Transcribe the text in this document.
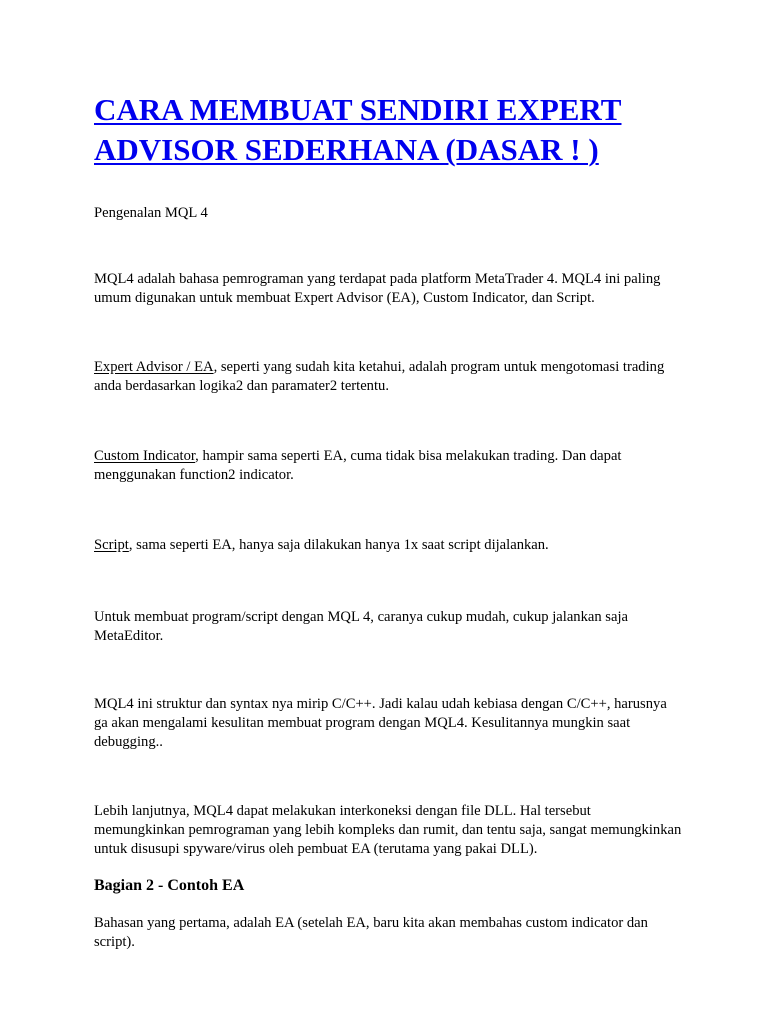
CARA MEMBUAT SENDIRI EXPERT ADVISOR SEDERHANA (DASAR ! )

Pengenalan MQL 4

MQL4 adalah bahasa pemrograman yang terdapat pada platform MetaTrader 4. MQL4 ini paling umum digunakan untuk membuat Expert Advisor (EA), Custom Indicator, dan Script.

Expert Advisor / EA, seperti yang sudah kita ketahui, adalah program untuk mengotomasi trading anda berdasarkan logika2 dan paramater2 tertentu.

Custom Indicator, hampir sama seperti EA, cuma tidak bisa melakukan trading. Dan dapat menggunakan function2 indicator.

Script, sama seperti EA, hanya saja dilakukan hanya 1x saat script dijalankan.

Untuk membuat program/script dengan MQL 4, caranya cukup mudah, cukup jalankan saja MetaEditor.

MQL4 ini struktur dan syntax nya mirip C/C++. Jadi kalau udah kebiasa dengan C/C++, harusnya ga akan mengalami kesulitan membuat program dengan MQL4. Kesulitannya mungkin saat debugging..

Lebih lanjutnya, MQL4 dapat melakukan interkoneksi dengan file DLL. Hal tersebut memungkinkan pemrograman yang lebih kompleks dan rumit, dan tentu saja, sangat memungkinkan untuk disusupi spyware/virus oleh pembuat EA (terutama yang pakai DLL).

Bagian 2 - Contoh EA

Bahasan yang pertama, adalah EA (setelah EA, baru kita akan membahas custom indicator dan script).
